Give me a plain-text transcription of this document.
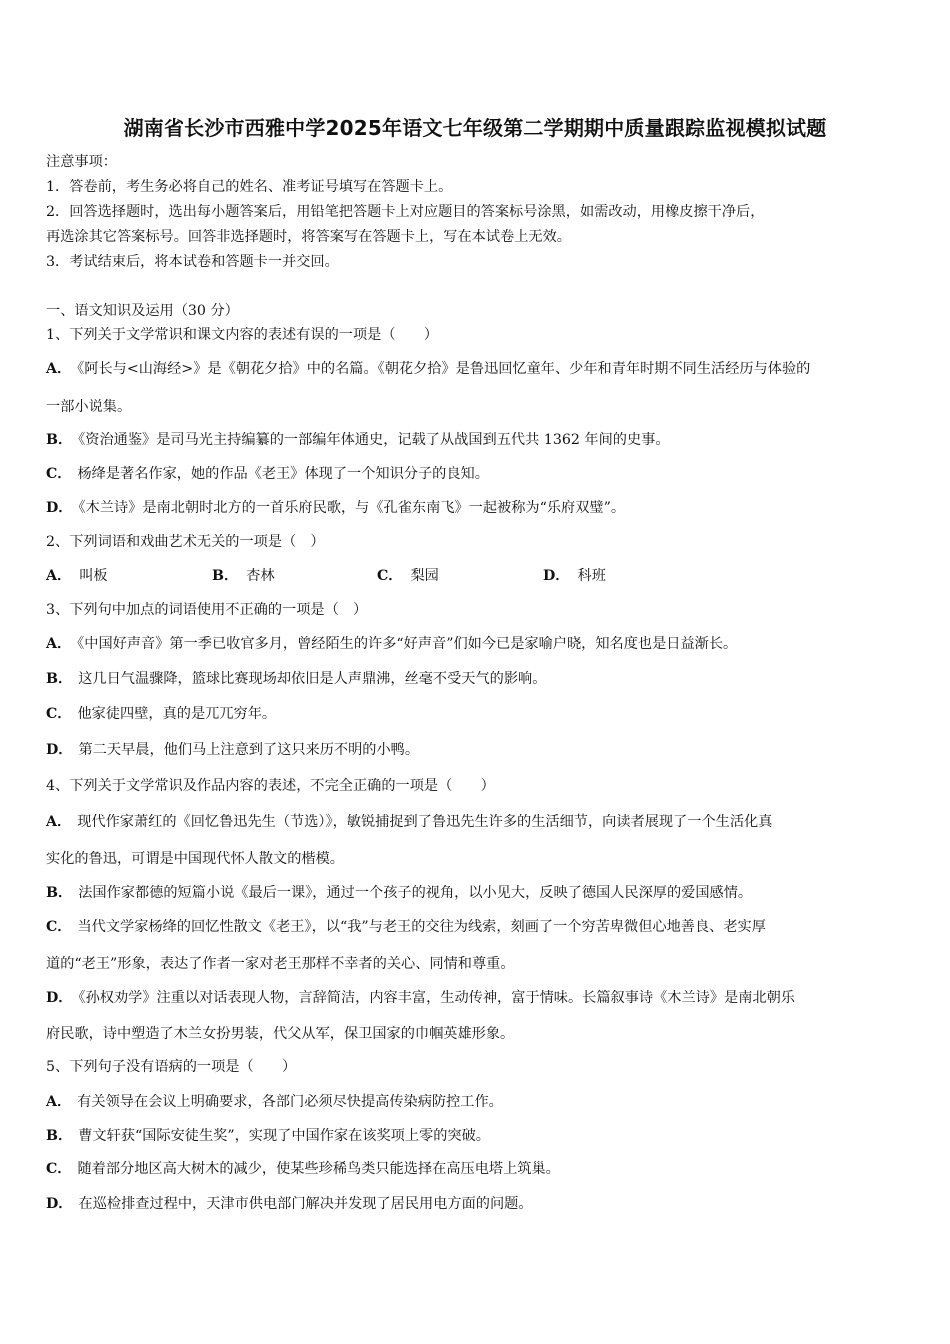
湖南省长沙市西雅中学2025年语文七年级第二学期期中质量跟踪监视模拟试题
注意事项：
1．答卷前，考生务必将自己的姓名、准考证号填写在答题卡上。
2．回答选择题时，选出每小题答案后，用铅笔把答题卡上对应题目的答案标号涂黑，如需改动，用橡皮擦干净后，
再选涂其它答案标号。回答非选择题时，将答案写在答题卡上，写在本试卷上无效。
3．考试结束后，将本试卷和答题卡一并交回。
一、语文知识及运用（30 分）
1、下列关于文学常识和课文内容的表述有误的一项是（　　）
A． 《阿长与<山海经>》是《朝花夕拾》中的名篇。《朝花夕拾》是鲁迅回忆童年、少年和青年时期不同生活经历与体验的
一部小说集。
B． 《资治通鉴》是司马光主持编纂的一部编年体通史，记载了从战国到五代共 1362 年间的史事。
C． 杨绛是著名作家，她的作品《老王》体现了一个知识分子的良知。
D． 《木兰诗》是南北朝时北方的一首乐府民歌，与《孔雀东南飞》一起被称为“乐府双璧”。
2、下列词语和戏曲艺术无关的一项是（　）
A． 叫板	B． 杏林	C． 梨园	D． 科班
3、下列句中加点的词语使用不正确的一项是（　）
A． 《中国好声音》第一季已收官多月，曾经陌生的许多“好声音”们如今已是家喻户晓，知名度也是日益渐长。
B． 这几日气温骤降，篮球比赛现场却依旧是人声鼎沸，丝毫不受天气的影响。
C． 他家徒四壁，真的是兀兀穷年。
D． 第二天早晨，他们马上注意到了这只来历不明的小鸭。
4、下列关于文学常识及作品内容的表述，不完全正确的一项是（　　）
A． 现代作家萧红的《回忆鲁迅先生（节选）》，敏锐捕捉到了鲁迅先生许多的生活细节，向读者展现了一个生活化真
实化的鲁迅，可谓是中国现代怀人散文的楷模。
B． 法国作家都德的短篇小说《最后一课》，通过一个孩子的视角，以小见大，反映了德国人民深厚的爱国感情。
C． 当代文学家杨绛的回忆性散文《老王》，以“我”与老王的交往为线索，刻画了一个穷苦卑微但心地善良、老实厚
道的“老王”形象，表达了作者一家对老王那样不幸者的关心、同情和尊重。
D． 《孙权劝学》注重以对话表现人物，言辞简洁，内容丰富，生动传神，富于情味。长篇叙事诗《木兰诗》是南北朝乐
府民歌，诗中塑造了木兰女扮男装，代父从军，保卫国家的巾帼英雄形象。
5、下列句子没有语病的一项是（　　）
A． 有关领导在会议上明确要求，各部门必须尽快提高传染病防控工作。
B． 曹文轩获“国际安徒生奖”，实现了中国作家在该奖项上零的突破。
C． 随着部分地区高大树木的减少，使某些珍稀鸟类只能选择在高压电塔上筑巢。
D． 在巡检排查过程中，天津市供电部门解决并发现了居民用电方面的问题。
